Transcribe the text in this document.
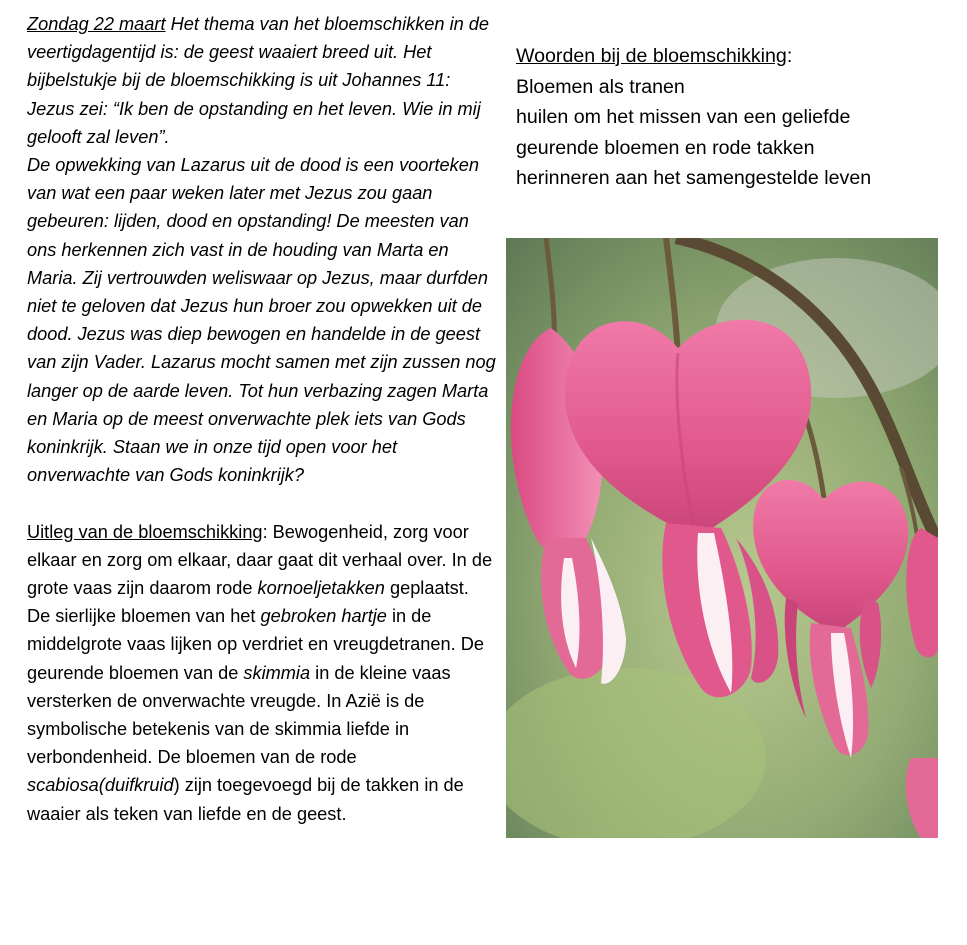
Zondag 22 maart Het thema van het bloemschikken in de veertigdagentijd is: de geest waaiert breed uit. Het bijbelstukje bij de bloemschikking is uit Johannes 11: Jezus zei: “Ik ben de opstanding en het leven. Wie in mij gelooft zal leven”.

De opwekking van Lazarus uit de dood is een voorteken van wat een paar weken later met Jezus zou gaan gebeuren: lijden, dood en opstanding! De meesten van ons herkennen zich vast in de houding van Marta en Maria. Zij vertrouwden weliswaar op Jezus, maar durfden niet te geloven dat Jezus hun broer zou opwekken uit de dood. Jezus was diep bewogen en handelde in de geest van zijn Vader. Lazarus mocht samen met zijn zussen nog langer op de aarde leven. Tot hun verbazing zagen Marta en Maria op de meest onverwachte plek iets van Gods koninkrijk. Staan we in onze tijd open voor het onverwachte van Gods koninkrijk?

Uitleg van de bloemschikking: Bewogenheid, zorg voor elkaar en zorg om elkaar, daar gaat dit verhaal over. In de grote vaas zijn daarom rode kornoeljetakken geplaatst. De sierlijke bloemen van het gebroken hartje in de middelgrote vaas lijken op verdriet en vreugdetranen. De geurende bloemen van de skimmia in de kleine vaas versterken de onverwachte vreugde. In Azië is de symbolische betekenis van de skimmia liefde in verbondenheid. De bloemen van de rode scabiosa(duifkruid) zijn toegevoegd bij de takken in de waaier als teken van liefde en de geest.

Woorden bij de bloemschikking:
Bloemen als tranen
huilen om het missen van een geliefde
geurende bloemen en rode takken
herinneren aan het samengestelde leven
